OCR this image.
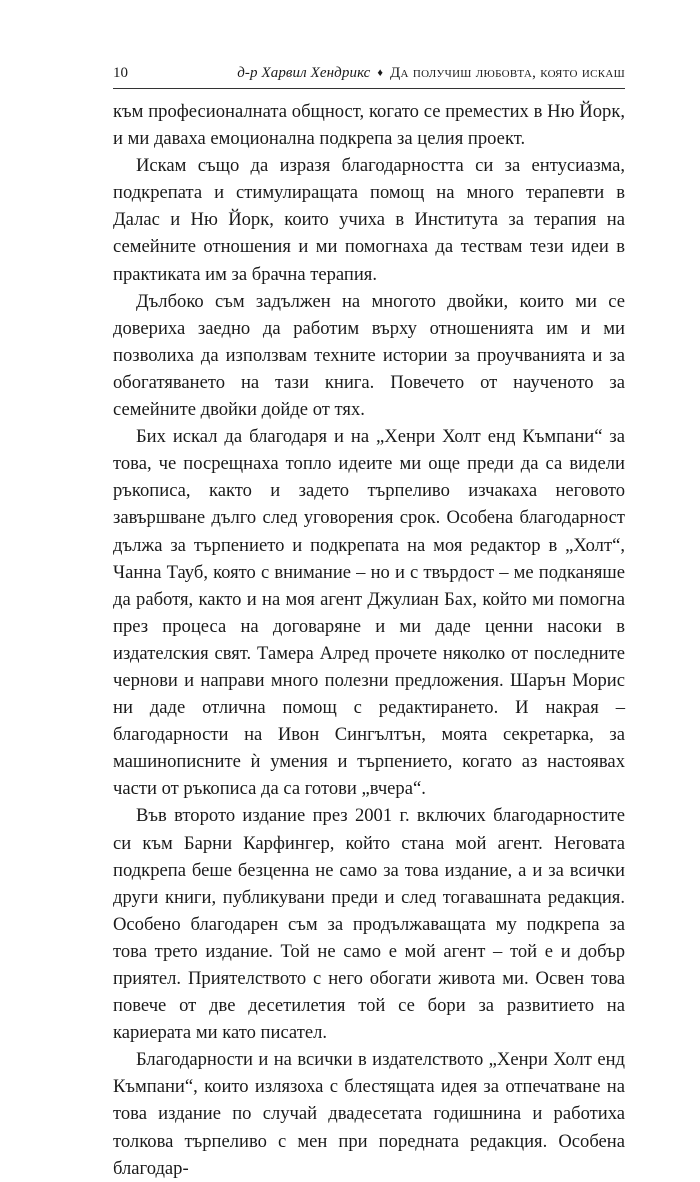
10	д-р Харвил Хендрикс ♦ Да получиш любовта, която искаш

към професионалната общност, когато се преместих в Ню Йорк, и ми даваха емоционална подкрепа за целия проект.

Искам също да изразя благодарността си за ентусиазма, подкрепата и стимулиращата помощ на много терапевти в Далас и Ню Йорк, които учиха в Института за терапия на семейните отношения и ми помогнаха да тествам тези идеи в практиката им за брачна терапия.

Дълбоко съм задължен на многото двойки, които ми се довериха заедно да работим върху отношенията им и ми позволиха да използвам техните истории за проучванията и за обогатяването на тази книга. Повечето от наученото за семейните двойки дойде от тях.

Бих искал да благодаря и на „Хенри Холт енд Къмпани“ за това, че посрещнаха топло идеите ми още преди да са видели ръкописа, както и задето търпеливо изчакаха неговото завършване дълго след уговорения срок. Особена благодарност дължа за търпението и подкрепата на моя редактор в „Холт“, Чанна Тауб, която с внимание – но и с твърдост – ме подканяше да работя, както и на моя агент Джулиан Бах, който ми помогна през процеса на договаряне и ми даде ценни насоки в издателския свят. Тамера Алред прочете няколко от последните чернови и направи много полезни предложения. Шарън Морис ни даде отлична помощ с редактирането. И накрая – благодарности на Ивон Сингълтън, моята секретарка, за машинописните ѝ умения и търпението, когато аз настоявах части от ръкописа да са готови „вчера“.

Във второто издание през 2001 г. включих благодарностите си към Барни Карфингер, който стана мой агент. Неговата подкрепа беше безценна не само за това издание, а и за всички други книги, публикувани преди и след тогавашната редакция. Особено благодарен съм за продължаващата му подкрепа за това трето издание. Той не само е мой агент – той е и добър приятел. Приятелството с него обогати живота ми. Освен това повече от две десетилетия той се бори за развитието на кариерата ми като писател.

Благодарности и на всички в издателството „Хенри Холт енд Къмпани“, които излязоха с блестящата идея за отпечатване на това издание по случай двадесетата годишнина и работиха толкова търпеливо с мен при поредната редакция. Особена благодар-
